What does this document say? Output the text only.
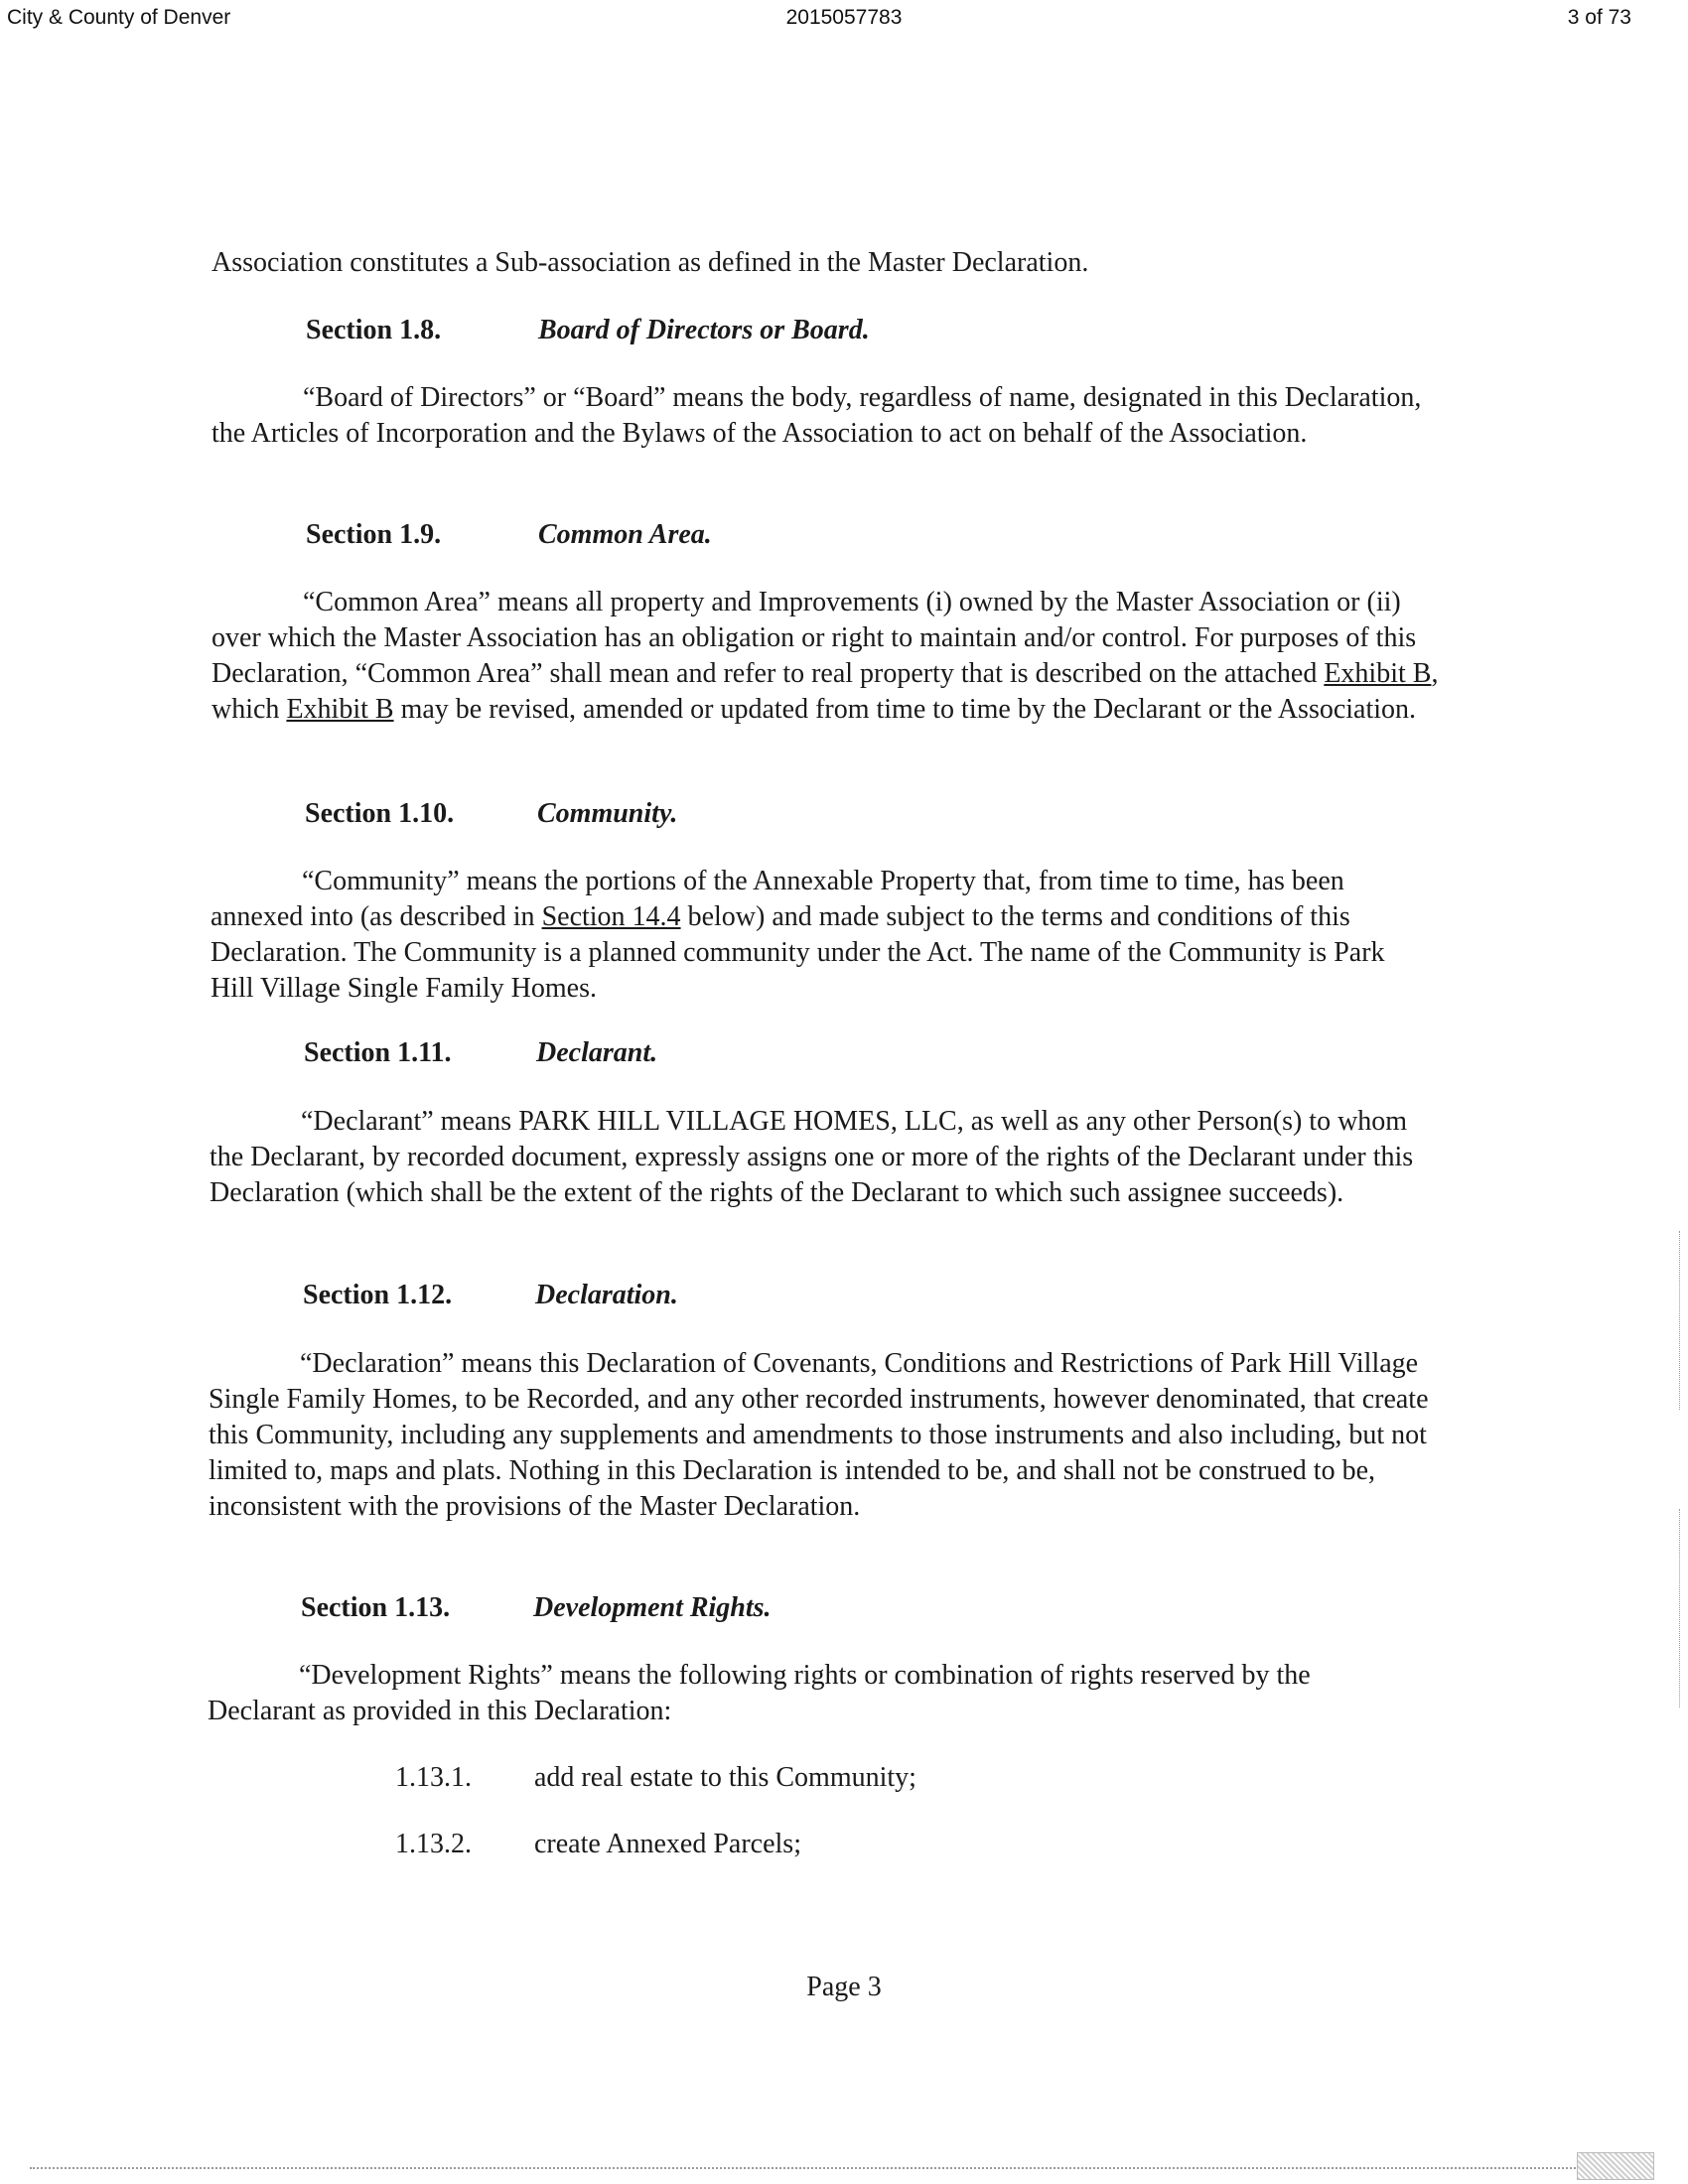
City & County of Denver	2015057783	3 of 73

Association constitutes a Sub-association as defined in the Master Declaration.

Section 1.8.	Board of Directors or Board.

“Board of Directors” or “Board” means the body, regardless of name, designated in this Declaration, the Articles of Incorporation and the Bylaws of the Association to act on behalf of the Association.

Section 1.9.	Common Area.

“Common Area” means all property and Improvements (i) owned by the Master Association or (ii) over which the Master Association has an obligation or right to maintain and/or control. For purposes of this Declaration, “Common Area” shall mean and refer to real property that is described on the attached Exhibit B, which Exhibit B may be revised, amended or updated from time to time by the Declarant or the Association.

Section 1.10.	Community.

“Community” means the portions of the Annexable Property that, from time to time, has been annexed into (as described in Section 14.4 below) and made subject to the terms and conditions of this Declaration. The Community is a planned community under the Act. The name of the Community is Park Hill Village Single Family Homes.

Section 1.11.	Declarant.

“Declarant” means PARK HILL VILLAGE HOMES, LLC, as well as any other Person(s) to whom the Declarant, by recorded document, expressly assigns one or more of the rights of the Declarant under this Declaration (which shall be the extent of the rights of the Declarant to which such assignee succeeds).

Section 1.12.	Declaration.

“Declaration” means this Declaration of Covenants, Conditions and Restrictions of Park Hill Village Single Family Homes, to be Recorded, and any other recorded instruments, however denominated, that create this Community, including any supplements and amendments to those instruments and also including, but not limited to, maps and plats. Nothing in this Declaration is intended to be, and shall not be construed to be, inconsistent with the provisions of the Master Declaration.

Section 1.13.	Development Rights.

“Development Rights” means the following rights or combination of rights reserved by the Declarant as provided in this Declaration:

1.13.1. add real estate to this Community;
1.13.2. create Annexed Parcels;
Page 3
